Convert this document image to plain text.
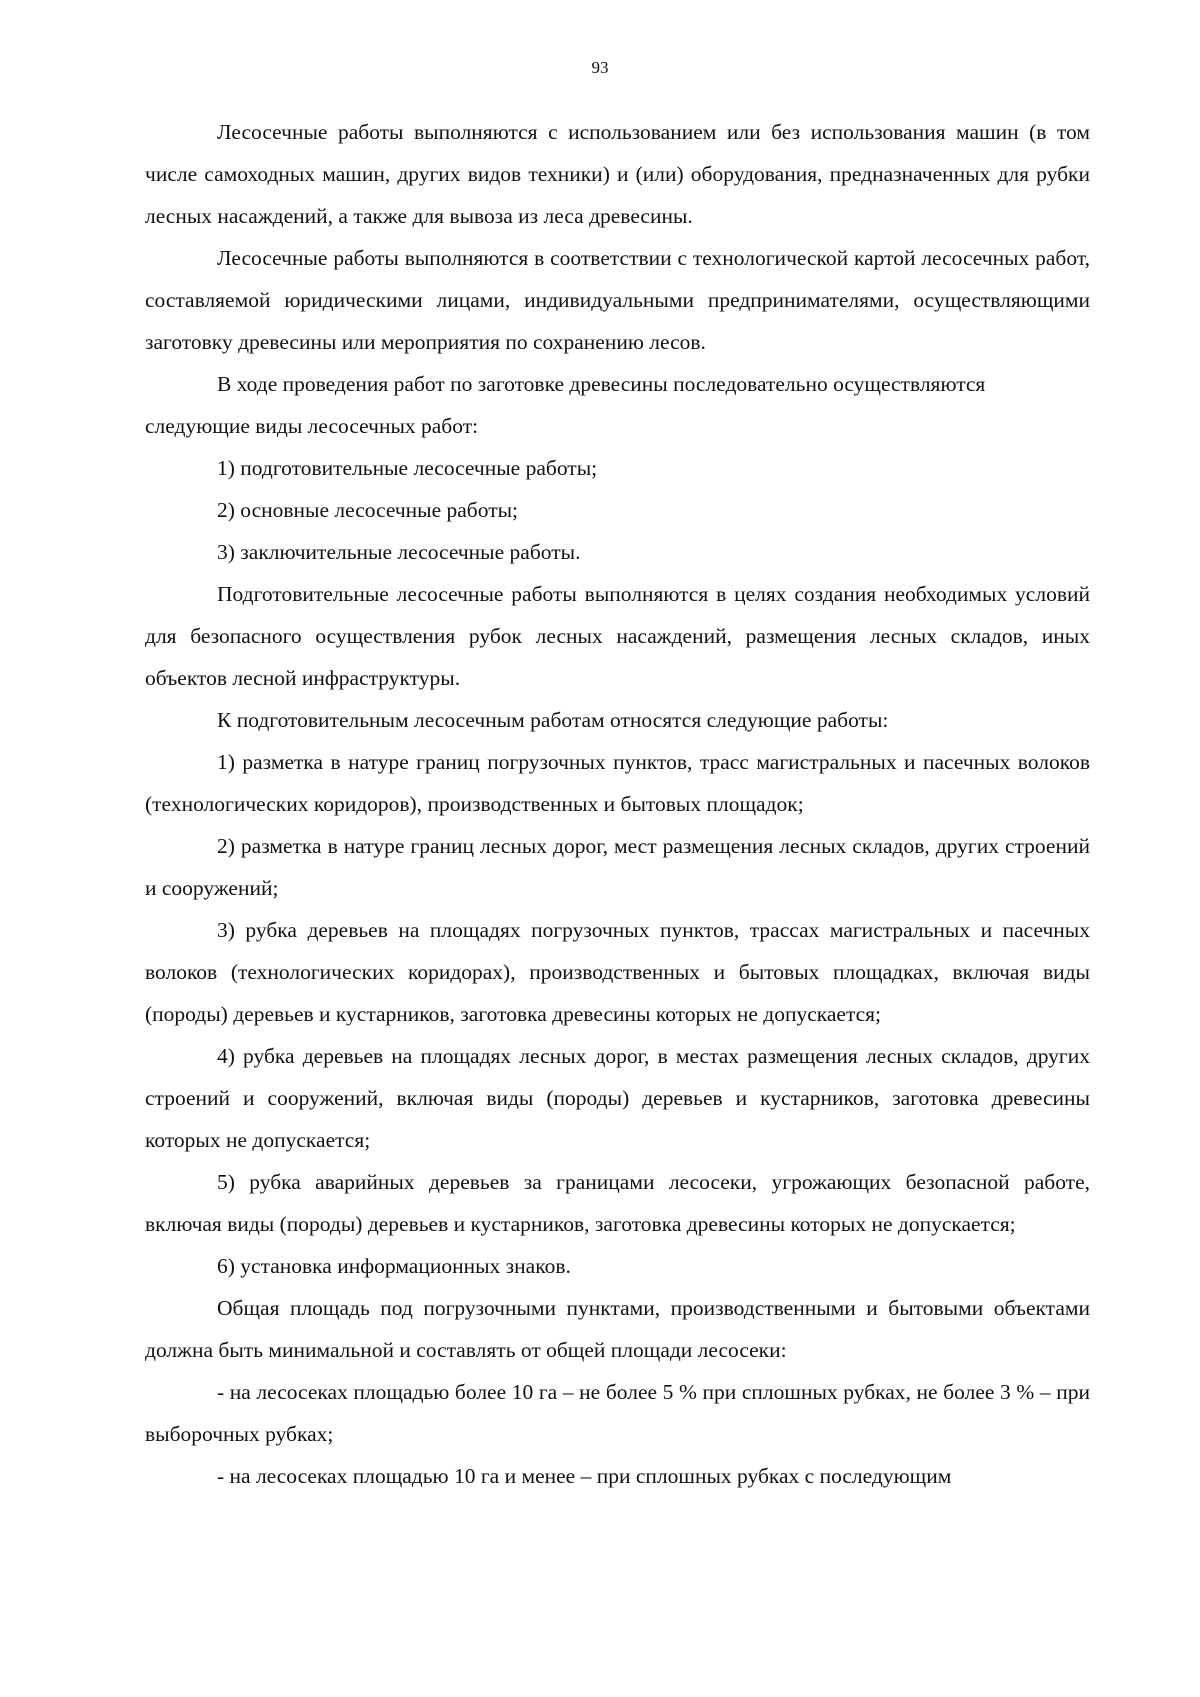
93

Лесосечные работы выполняются с использованием или без использования машин (в том числе самоходных машин, других видов техники) и (или) оборудования, предназначенных для рубки лесных насаждений, а также для вывоза из леса древесины.

Лесосечные работы выполняются в соответствии с технологической картой лесосечных работ, составляемой юридическими лицами, индивидуальными предпринимателями, осуществляющими заготовку древесины или мероприятия по сохранению лесов.

В ходе проведения работ по заготовке древесины последовательно осуществляются следующие виды лесосечных работ:

1) подготовительные лесосечные работы;

2) основные лесосечные работы;

3) заключительные лесосечные работы.

Подготовительные лесосечные работы выполняются в целях создания необходимых условий для безопасного осуществления рубок лесных насаждений, размещения лесных складов, иных объектов лесной инфраструктуры.

К подготовительным лесосечным работам относятся следующие работы:

1) разметка в натуре границ погрузочных пунктов, трасс магистральных и пасечных волоков (технологических коридоров), производственных и бытовых площадок;

2) разметка в натуре границ лесных дорог, мест размещения лесных складов, других строений и сооружений;

3) рубка деревьев на площадях погрузочных пунктов, трассах магистральных и пасечных волоков (технологических коридорах), производственных и бытовых площадках, включая виды (породы) деревьев и кустарников, заготовка древесины которых не допускается;

4) рубка деревьев на площадях лесных дорог, в местах размещения лесных складов, других строений и сооружений, включая виды (породы) деревьев и кустарников, заготовка древесины которых не допускается;

5) рубка аварийных деревьев за границами лесосеки, угрожающих безопасной работе, включая виды (породы) деревьев и кустарников, заготовка древесины которых не допускается;

6) установка информационных знаков.

Общая площадь под погрузочными пунктами, производственными и бытовыми объектами должна быть минимальной и составлять от общей площади лесосеки:

- на лесосеках площадью более 10 га – не более 5 % при сплошных рубках, не более 3 % – при выборочных рубках;

- на лесосеках площадью 10 га и менее – при сплошных рубках с последующим
